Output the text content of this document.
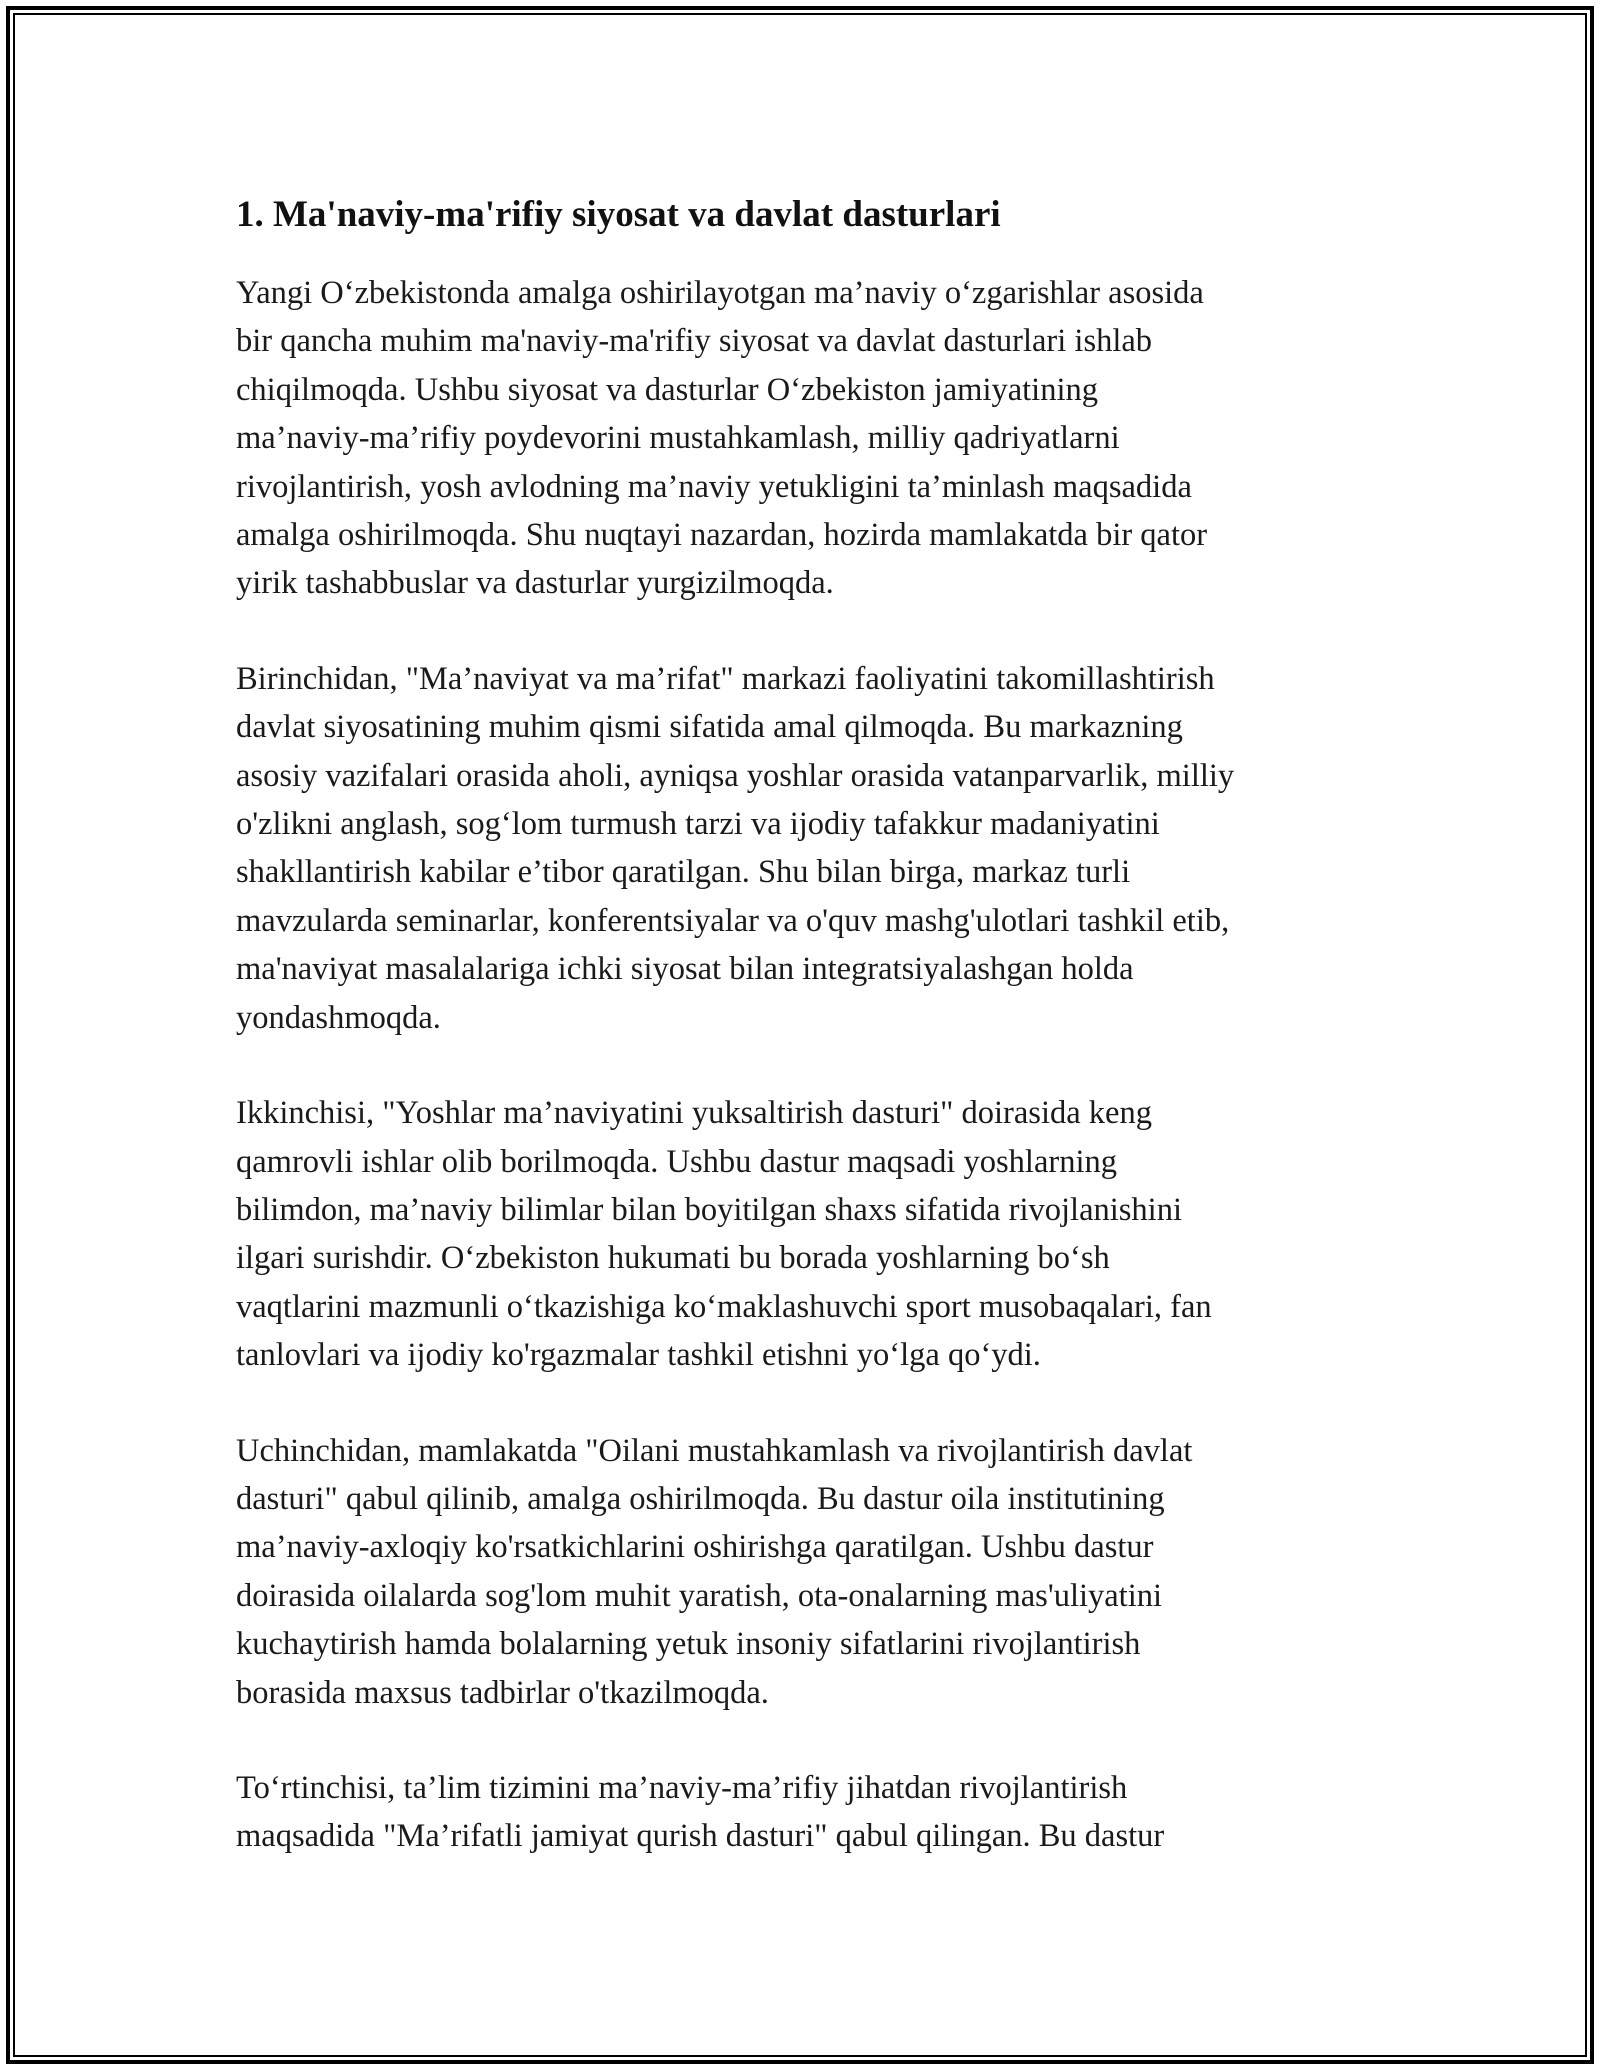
1. Ma'naviy-ma'rifiy siyosat va davlat dasturlari

Yangi O‘zbekistonda amalga oshirilayotgan ma’naviy o‘zgarishlar asosida
bir qancha muhim ma'naviy-ma'rifiy siyosat va davlat dasturlari ishlab
chiqilmoqda. Ushbu siyosat va dasturlar O‘zbekiston jamiyatining
ma’naviy-ma’rifiy poydevorini mustahkamlash, milliy qadriyatlarni
rivojlantirish, yosh avlodning ma’naviy yetukligini ta’minlash maqsadida
amalga oshirilmoqda. Shu nuqtayi nazardan, hozirda mamlakatda bir qator
yirik tashabbuslar va dasturlar yurgizilmoqda.

Birinchidan, "Ma’naviyat va ma’rifat" markazi faoliyatini takomillashtirish
davlat siyosatining muhim qismi sifatida amal qilmoqda. Bu markazning
asosiy vazifalari orasida aholi, ayniqsa yoshlar orasida vatanparvarlik, milliy
o'zlikni anglash, sog‘lom turmush tarzi va ijodiy tafakkur madaniyatini
shakllantirish kabilar e’tibor qaratilgan. Shu bilan birga, markaz turli
mavzularda seminarlar, konferentsiyalar va o'quv mashg'ulotlari tashkil etib,
ma'naviyat masalalariga ichki siyosat bilan integratsiyalashgan holda
yondashmoqda.

Ikkinchisi, "Yoshlar ma’naviyatini yuksaltirish dasturi" doirasida keng
qamrovli ishlar olib borilmoqda. Ushbu dastur maqsadi yoshlarning
bilimdon, ma’naviy bilimlar bilan boyitilgan shaxs sifatida rivojlanishini
ilgari surishdir. O‘zbekiston hukumati bu borada yoshlarning bo‘sh
vaqtlarini mazmunli o‘tkazishiga ko‘maklashuvchi sport musobaqalari, fan
tanlovlari va ijodiy ko'rgazmalar tashkil etishni yo‘lga qo‘ydi.

Uchinchidan, mamlakatda "Oilani mustahkamlash va rivojlantirish davlat
dasturi" qabul qilinib, amalga oshirilmoqda. Bu dastur oila institutining
ma’naviy-axloqiy ko'rsatkichlarini oshirishga qaratilgan. Ushbu dastur
doirasida oilalarda sog'lom muhit yaratish, ota-onalarning mas'uliyatini
kuchaytirish hamda bolalarning yetuk insoniy sifatlarini rivojlantirish
borasida maxsus tadbirlar o'tkazilmoqda.

To‘rtinchisi, ta’lim tizimini ma’naviy-ma’rifiy jihatdan rivojlantirish
maqsadida "Ma’rifatli jamiyat qurish dasturi" qabul qilingan. Bu dastur
